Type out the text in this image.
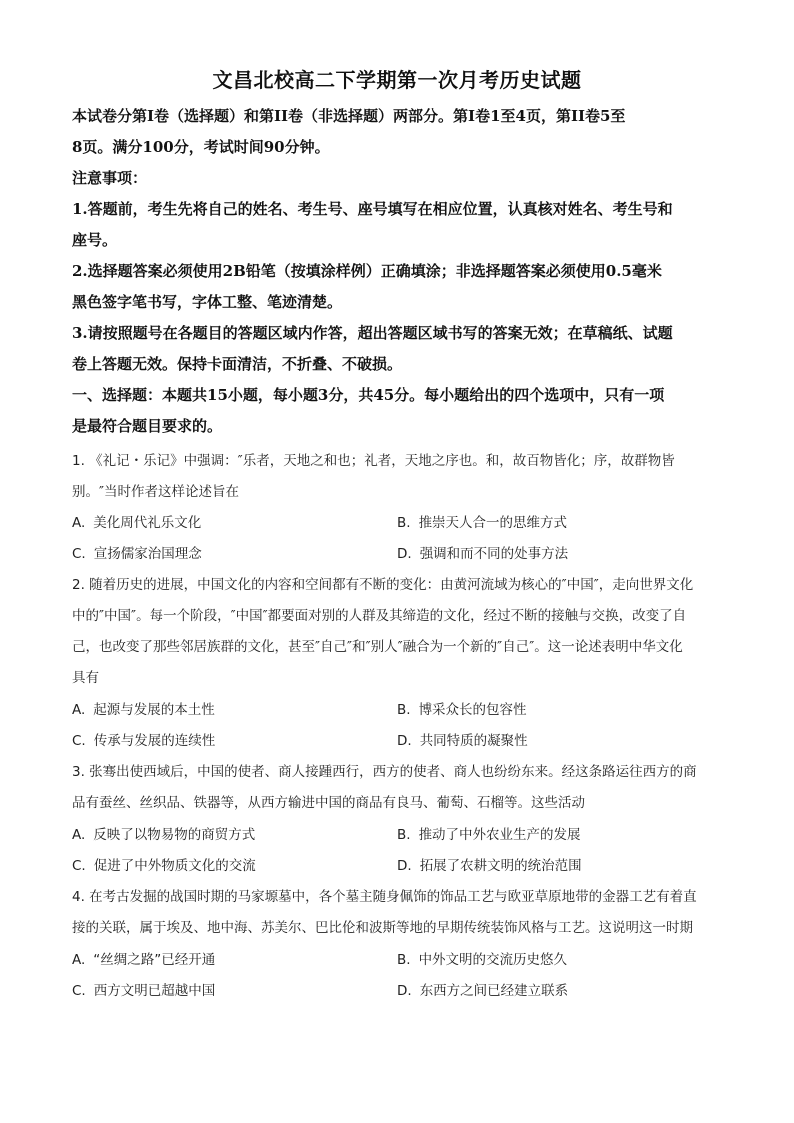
文昌北校高二下学期第一次月考历史试题
本试卷分第I卷（选择题）和第II卷（非选择题）两部分。第I卷1至4页，第II卷5至
8页。满分100分，考试时间90分钟。
注意事项：
1.答题前，考生先将自己的姓名、考生号、座号填写在相应位置，认真核对姓名、考生号和
座号。
2.选择题答案必须使用2B铅笔（按填涂样例）正确填涂；非选择题答案必须使用0.5毫米
黑色签字笔书写，字体工整、笔迹清楚。
3.请按照题号在各题目的答题区域内作答，超出答题区域书写的答案无效；在草稿纸、试题
卷上答题无效。保持卡面清洁，不折叠、不破损。
一、选择题：本题共15小题，每小题3分，共45分。每小题给出的四个选项中，只有一项
是最符合题目要求的。
1. 《礼记・乐记》中强调：″乐者，天地之和也；礼者，天地之序也。和，故百物皆化；序，故群物皆
别。″当时作者这样论述旨在
A. 美化周代礼乐文化	B. 推崇天人合一的思维方式
C. 宣扬儒家治国理念	D. 强调和而不同的处事方法
2. 随着历史的进展，中国文化的内容和空间都有不断的变化：由黄河流域为核心的″中国″，走向世界文化
中的″中国″。每一个阶段，″中国″都要面对别的人群及其缔造的文化，经过不断的接触与交换，改变了自
己，也改变了那些邻居族群的文化，甚至″自己″和″别人″融合为一个新的″自己″。这一论述表明中华文化
具有
A. 起源与发展的本土性	B. 博采众长的包容性
C. 传承与发展的连续性	D. 共同特质的凝聚性
3. 张骞出使西域后，中国的使者、商人接踵西行，西方的使者、商人也纷纷东来。经这条路运往西方的商
品有蚕丝、丝织品、铁器等，从西方输进中国的商品有良马、葡萄、石榴等。这些活动
A. 反映了以物易物的商贸方式	B. 推动了中外农业生产的发展
C. 促进了中外物质文化的交流	D. 拓展了农耕文明的统治范围
4. 在考古发掘的战国时期的马家塬墓中，各个墓主随身佩饰的饰品工艺与欧亚草原地带的金器工艺有着直
接的关联，属于埃及、地中海、苏美尔、巴比伦和波斯等地的早期传统装饰风格与工艺。这说明这一时期
A. “丝绸之路”已经开通	B. 中外文明的交流历史悠久
C. 西方文明已超越中国	D. 东西方之间已经建立联系
